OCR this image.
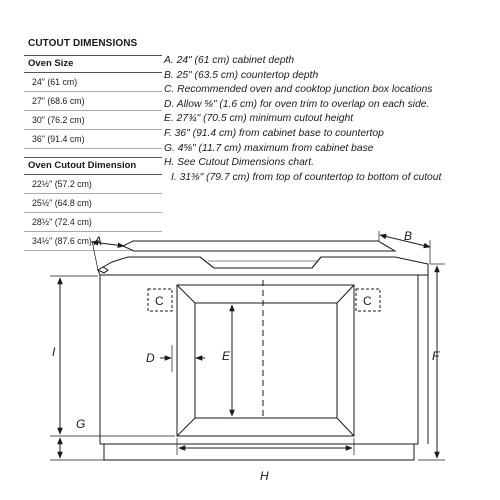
CUTOUT DIMENSIONS
Oven Size
24" (61 cm)
27" (68.6 cm)
30" (76.2 cm)
36" (91.4 cm)
Oven Cutout Dimension
22½" (57.2 cm)
25½" (64.8 cm)
28½" (72.4 cm)
34½" (87.6 cm)
A. 24" (61 cm) cabinet depth
B. 25" (63.5 cm) countertop depth
C. Recommended oven and cooktop junction box locations
D. Allow ⅝" (1.6 cm) for oven trim to overlap on each side.
E. 27¾" (70.5 cm) minimum cutout height
F. 36" (91.4 cm) from cabinet base to countertop
G. 4⅝" (11.7 cm) maximum from cabinet base
H. See Cutout Dimensions chart.
I. 31⅜" (79.7 cm) from top of countertop to bottom of cutout
A	B
C	C
D	E	F
G
H
I
